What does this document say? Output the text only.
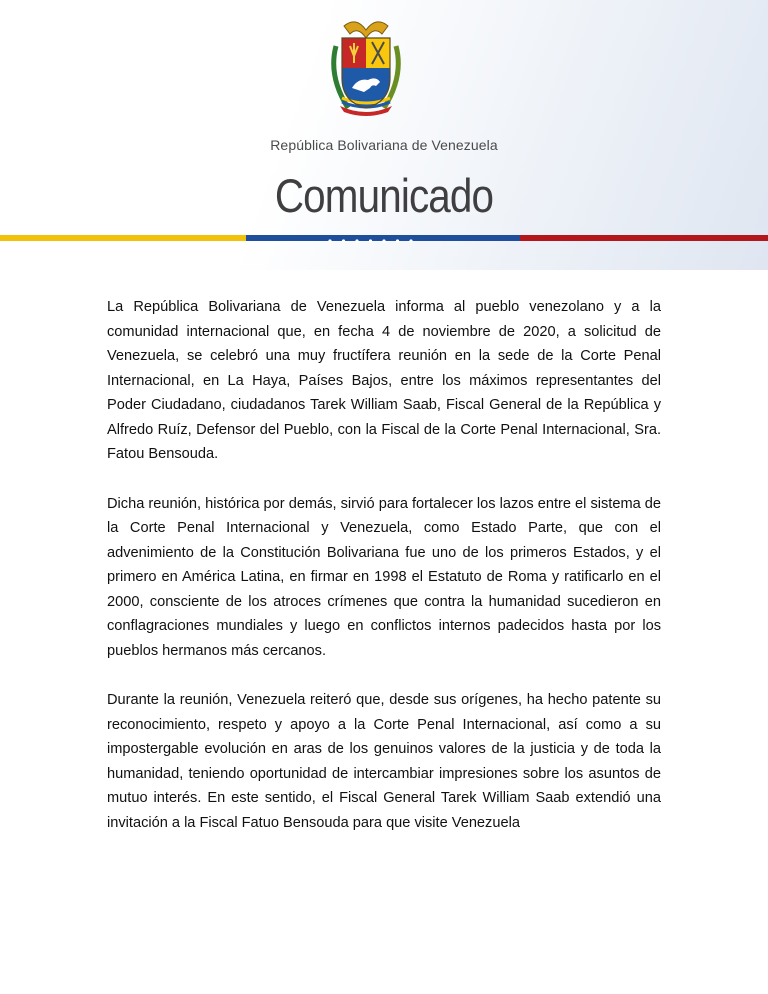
República Bolivariana de Venezuela
Comunicado

La República Bolivariana de Venezuela informa al pueblo venezolano y a la comunidad internacional que, en fecha 4 de noviembre de 2020, a solicitud de Venezuela, se celebró una muy fructífera reunión en la sede de la Corte Penal Internacional, en La Haya, Países Bajos, entre los máximos representantes del Poder Ciudadano, ciudadanos Tarek William Saab, Fiscal General de la República y Alfredo Ruíz, Defensor del Pueblo, con la Fiscal de la Corte Penal Internacional, Sra. Fatou Bensouda.

Dicha reunión, histórica por demás, sirvió para fortalecer los lazos entre el sistema de la Corte Penal Internacional y Venezuela, como Estado Parte, que con el advenimiento de la Constitución Bolivariana fue uno de los primeros Estados, y el primero en América Latina, en firmar en 1998 el Estatuto de Roma y ratificarlo en el 2000, consciente de los atroces crímenes que contra la humanidad sucedieron en conflagraciones mundiales y luego en conflictos internos padecidos hasta por los pueblos hermanos más cercanos.

Durante la reunión, Venezuela reiteró que, desde sus orígenes, ha hecho patente su reconocimiento, respeto y apoyo a la Corte Penal Internacional, así como a su impostergable evolución en aras de los genuinos valores de la justicia y de toda la humanidad, teniendo oportunidad de intercambiar impresiones sobre los asuntos de mutuo interés. En este sentido, el Fiscal General Tarek William Saab extendió una invitación a la Fiscal Fatuo Bensouda para que visite Venezuela
